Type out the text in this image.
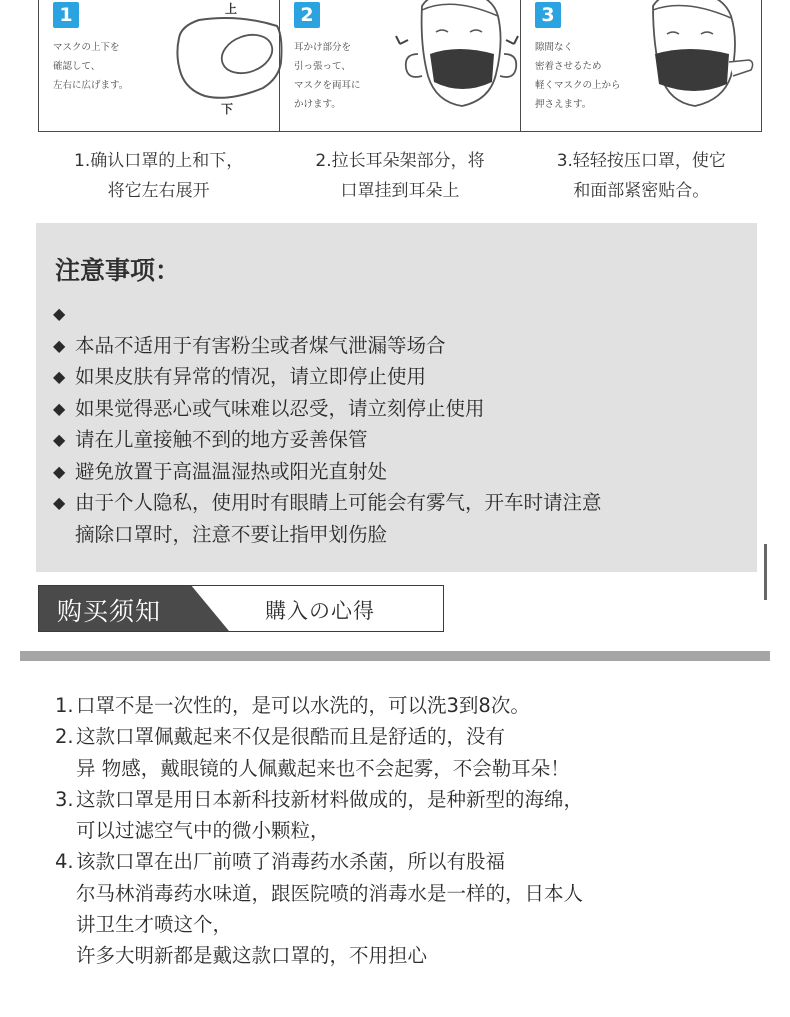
1
マスクの上下を
確認して、
左右に広げます。
上
下
2
耳かけ部分を
引っ張って、
マスクを両耳に
かけます。
3
隙間なく
密着させるため
軽くマスクの上から
押さえます。
1.确认口罩的上和下，
将它左右展开
2.拉长耳朵架部分，将
口罩挂到耳朵上
3.轻轻按压口罩，使它
和面部紧密贴合。
注意事项：
◆
◆ 本品不适用于有害粉尘或者煤气泄漏等场合
◆ 如果皮肤有异常的情况，请立即停止使用
◆ 如果觉得恶心或气味难以忍受，请立刻停止使用
◆ 请在儿童接触不到的地方妥善保管
◆ 避免放置于高温温湿热或阳光直射处
◆ 由于个人隐私，使用时有眼睛上可能会有雾气，开车时请注意
摘除口罩时，注意不要让指甲划伤脸
购买须知	購入の心得
1. 口罩不是一次性的，是可以水洗的，可以洗3到8次。
2. 这款口罩佩戴起来不仅是很酷而且是舒适的，没有
异 物感，戴眼镜的人佩戴起来也不会起雾，不会勒耳朵！
3. 这款口罩是用日本新科技新材料做成的，是种新型的海绵，
可以过滤空气中的微小颗粒，
4. 该款口罩在出厂前喷了消毒药水杀菌，所以有股福
尔马林消毒药水味道，跟医院喷的消毒水是一样的，日本人
讲卫生才喷这个，
许多大明新都是戴这款口罩的，不用担心
